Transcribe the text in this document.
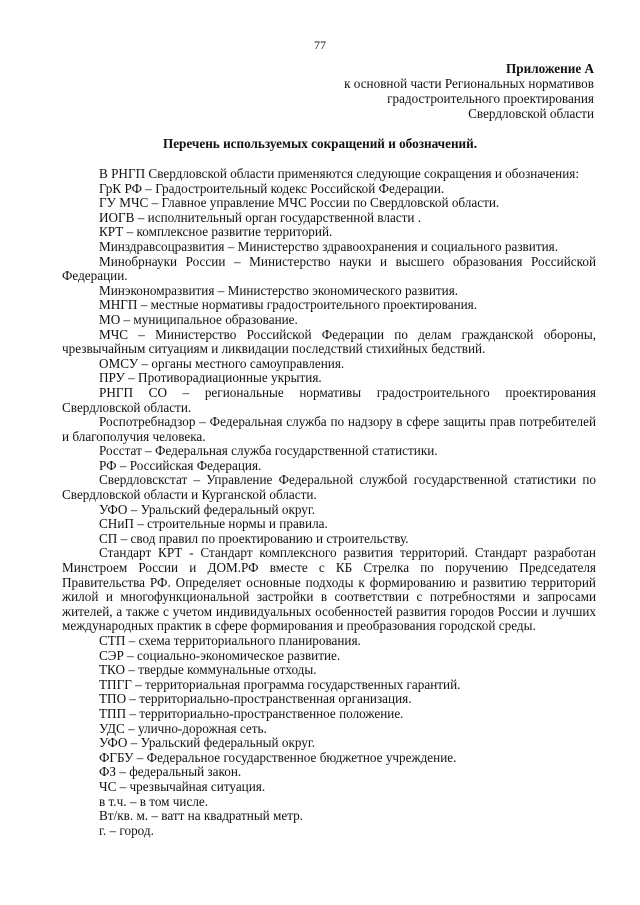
77
Приложение А
к основной части Региональных нормативов
градостроительного проектирования
Свердловской области
Перечень используемых сокращений и обозначений.

В РНГП Свердловской области применяются следующие сокращения и обозначения:

ГрК РФ – Градостроительный кодекс Российской Федерации.

ГУ МЧС – Главное управление МЧС России по Свердловской области.

ИОГВ – исполнительный орган государственной власти .

КРТ – комплексное развитие территорий.

Минздравсоцразвития – Министерство здравоохранения и социального развития.

Минобрнауки России – Министерство науки и высшего образования Российской Федерации.

Минэкономразвития – Министерство экономического развития.

МНГП – местные нормативы градостроительного проектирования.

МО – муниципальное образование.

МЧС – Министерство Российской Федерации по делам гражданской обороны, чрезвычайным ситуациям и ликвидации последствий стихийных бедствий.

ОМСУ – органы местного самоуправления.

ПРУ – Противорадиационные укрытия.

РНГП СО – региональные нормативы градостроительного проектирования Свердловской области.

Роспотребнадзор – Федеральная служба по надзору в сфере защиты прав потребителей и благополучия человека.

Росстат – Федеральная служба государственной статистики.

РФ – Российская Федерация.

Свердловскстат – Управление Федеральной службой государственной статистики по Свердловской области и Курганской области.

УФО – Уральский федеральный округ.

СНиП – строительные нормы и правила.

СП – свод правил по проектированию и строительству.

Стандарт КРТ - Стандарт комплексного развития территорий. Стандарт разработан Минстроем России и ДОМ.РФ вместе с КБ Стрелка по поручению Председателя Правительства РФ. Определяет основные подходы к формированию и развитию территорий жилой и многофункциональной застройки в соответствии с потребностями и запросами жителей, а также с учетом индивидуальных особенностей развития городов России и лучших международных практик в сфере формирования и преобразования городской среды.

СТП – схема территориального планирования.

СЭР – социально-экономическое развитие.

ТКО – твердые коммунальные отходы.

ТПГГ – территориальная программа государственных гарантий.

ТПО – территориально-пространственная организация.

ТПП – территориально-пространственное положение.

УДС – улично-дорожная сеть.

УФО – Уральский федеральный округ.

ФГБУ – Федеральное государственное бюджетное учреждение.

ФЗ – федеральный закон.

ЧС – чрезвычайная ситуация.

в т.ч. – в том числе.

Вт/кв. м. – ватт на квадратный метр.

г. – город.
